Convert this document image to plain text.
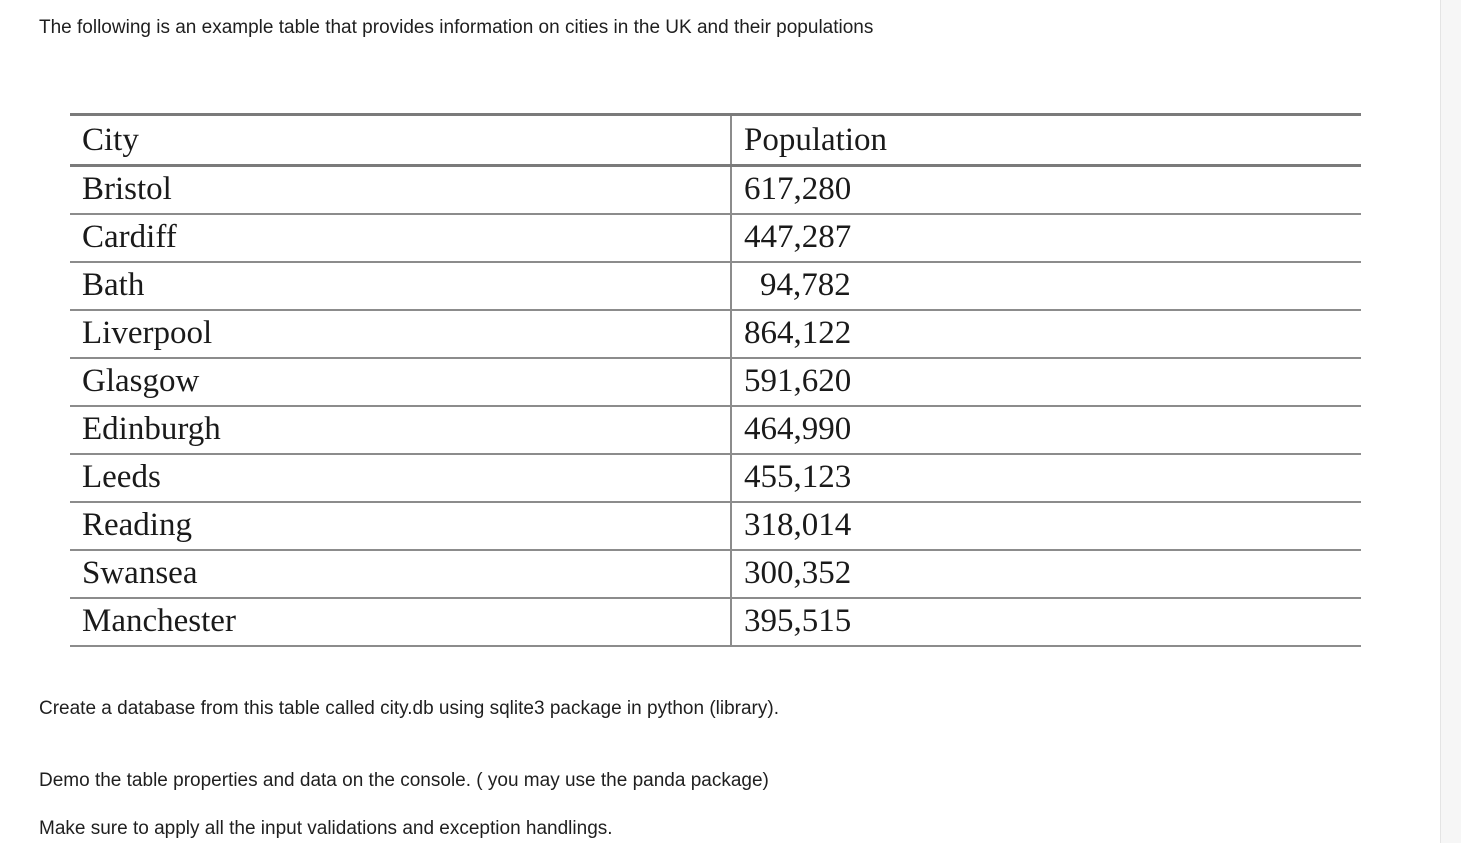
The following is an example table that provides information on cities in the UK and their populations

City	Population
Bristol	617,280
Cardiff	447,287
Bath	94,782
Liverpool	864,122
Glasgow	591,620
Edinburgh	464,990
Leeds	455,123
Reading	318,014
Swansea	300,352
Manchester	395,515

Create a database from this table called city.db using sqlite3 package in python (library).

Demo the table properties and data on the console. ( you may use the panda package)

Make sure to apply all the input validations and exception handlings.
